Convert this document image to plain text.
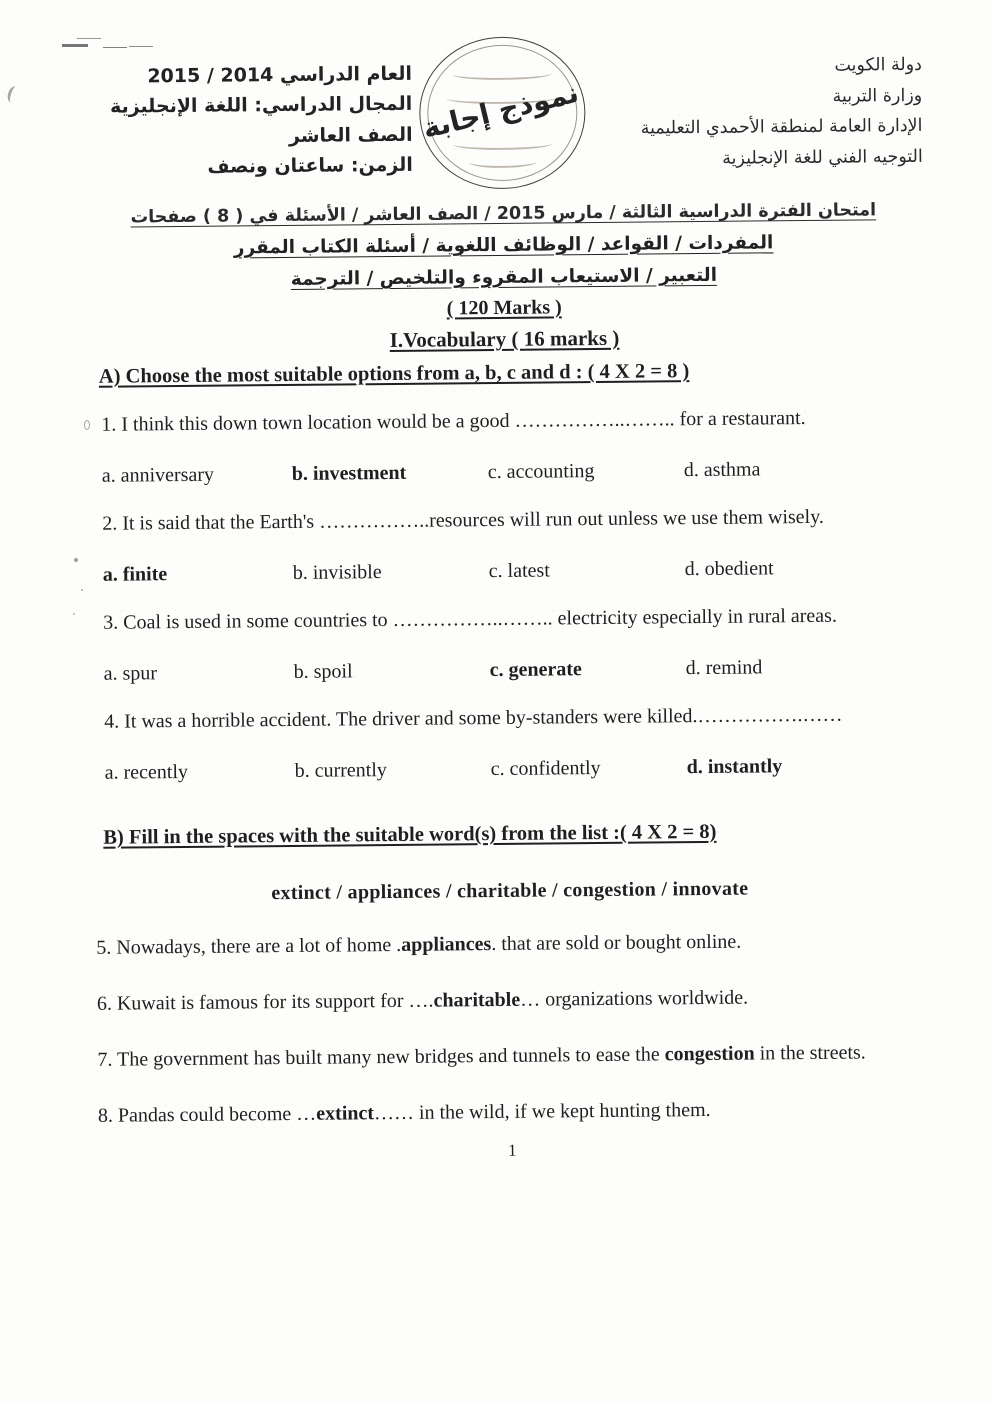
العام الدراسي 2014 / 2015
المجال الدراسي: اللغة الإنجليزية
الصف العاشر
الزمن: ساعتان ونصف
نموذج إجابة
دولة الكويت
وزارة التربية
الإدارة العامة لمنطقة الأحمدي التعليمية
التوجيه الفني للغة الإنجليزية
امتحان الفترة الدراسية الثالثة / مارس 2015 / الصف العاشر / الأسئلة في ( 8 ) صفحات
المفردات / القواعد / الوظائف اللغوية / أسئلة الكتاب المقرر
التعبير / الاستيعاب المقروء والتلخيص / الترجمة
( 120 Marks )
I.Vocabulary ( 16 marks )
A) Choose the most suitable options from a, b, c and d : ( 4 X 2 = 8 )

1. I think this down town location would be a good ……………..…….. for a restaurant.

a. anniversary	b. investment	c. accounting	d. asthma

2. It is said that the Earth's ……………..resources will run out unless we use them wisely.

a. finite	b. invisible	c. latest	d. obedient

3. Coal is used in some countries to ……………..…….. electricity especially in rural areas.

a. spur	b. spoil	c. generate	d. remind

4. It was a horrible accident. The driver and some by-standers were killed.…………….……

a. recently	b. currently	c. confidently	d. instantly
B) Fill in the spaces with the suitable word(s) from the list :( 4 X 2 = 8)
extinct / appliances / charitable / congestion / innovate

5. Nowadays, there are a lot of home .appliances. that are sold or bought online.

6. Kuwait is famous for its support for ….charitable… organizations worldwide.

7. The government has built many new bridges and tunnels to ease the congestion in the streets.

8. Pandas could become …extinct…… in the wild, if we kept hunting them.

1
